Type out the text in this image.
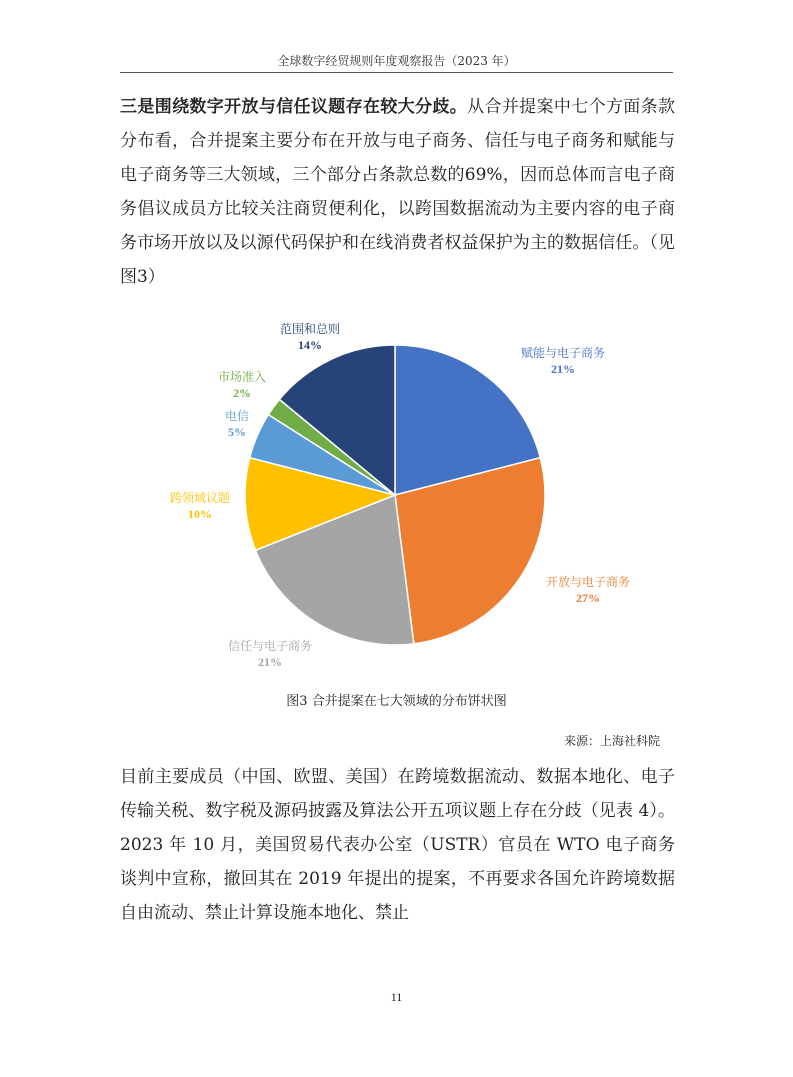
全球数字经贸规则年度观察报告（2023 年）

三是围绕数字开放与信任议题存在较大分歧。从合并提案中七个方面条款分布看，合并提案主要分布在开放与电子商务、信任与电子商务和赋能与电子商务等三大领域，三个部分占条款总数的69%，因而总体而言电子商务倡议成员方比较关注商贸便利化，以跨国数据流动为主要内容的电子商务市场开放以及以源代码保护和在线消费者权益保护为主的数据信任。（见图3）

赋能与电子商务
21%
开放与电子商务
27%
信任与电子商务
21%
跨领域议题
10%
电信
5%
市场准入
2%
范围和总则
14%
图3 合并提案在七大领域的分布饼状图
来源：上海社科院

目前主要成员（中国、欧盟、美国）在跨境数据流动、数据本地化、电子传输关税、数字税及源码披露及算法公开五项议题上存在分歧（见表 4）。2023 年 10 月，美国贸易代表办公室（USTR）官员在 WTO 电子商务谈判中宣称，撤回其在 2019 年提出的提案，不再要求各国允许跨境数据自由流动、禁止计算设施本地化、禁止

11
